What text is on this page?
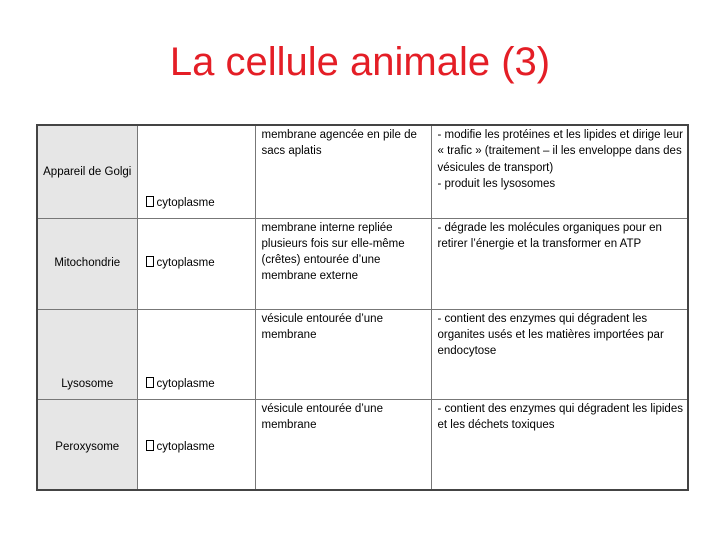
La cellule animale (3)
Appareil de Golgi	cytoplasme	membrane agencée en pile de sacs aplatis	- modifie les protéines et les lipides et dirige leur « trafic » (traitement – il les enveloppe dans des vésicules de transport)
- produit les lysosomes

Mitochondrie	cytoplasme	membrane interne repliée plusieurs fois sur elle-même (crêtes) entourée d’une membrane externe	- dégrade les molécules organiques pour en retirer l’énergie et la transformer en ATP

Lysosome	cytoplasme	vésicule entourée d’une membrane	- contient des enzymes qui dégradent les organites usés et les matières importées par endocytose

Peroxysome	cytoplasme	vésicule entourée d’une membrane	- contient des enzymes qui dégradent les lipides et les déchets toxiques
